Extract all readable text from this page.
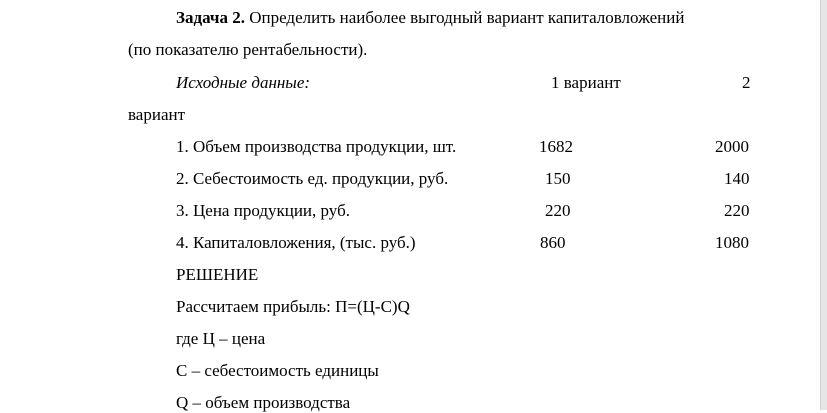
Задача 2. Определить наиболее выгодный вариант капиталовложений
(по показателю рентабельности).
Исходные данные:	1 вариант	2
вариант
1. Объем производства продукции, шт.	1682	2000
2. Себестоимость ед. продукции, руб.	150	140
3. Цена продукции, руб.	220	220
4. Капиталовложения, (тыс. руб.)	860	1080
РЕШЕНИЕ
Рассчитаем прибыль: П=(Ц-С)Q
где Ц – цена
С – себестоимость единицы
Q – объем производства
